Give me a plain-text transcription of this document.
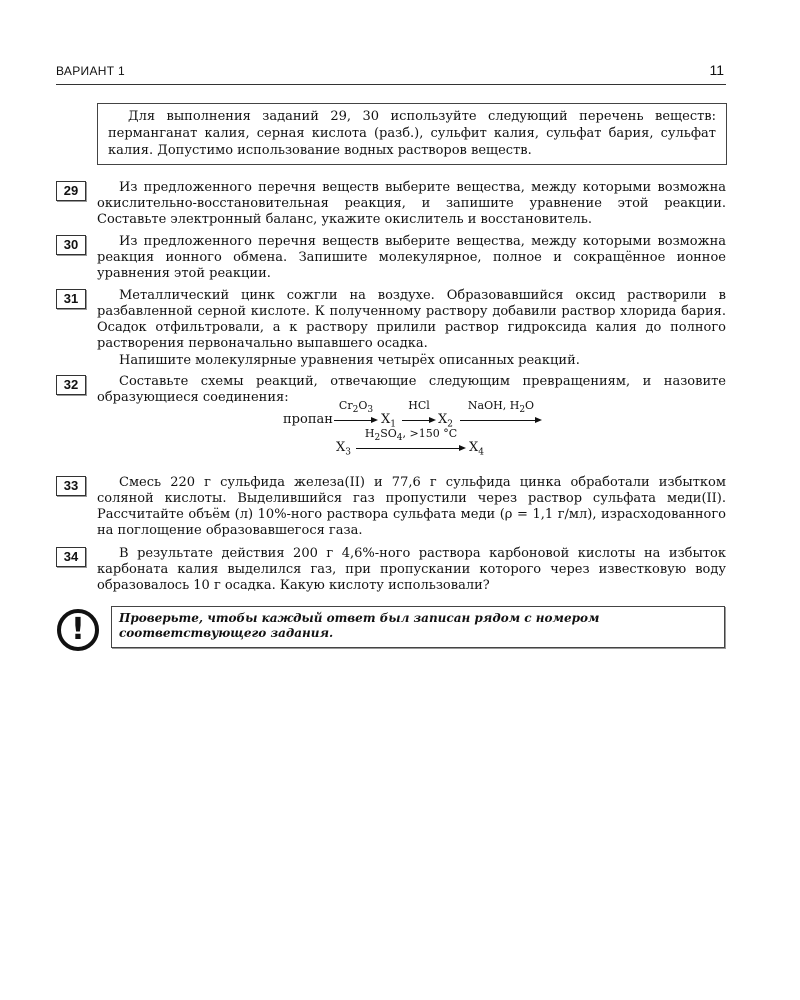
ВАРИАНТ 1	11

Для выполнения заданий 29, 30 используйте следующий перечень веществ: перманганат калия, серная кислота (разб.), сульфит калия, сульфат бария, сульфат калия. Допустимо использование водных растворов веществ.

29	Из предложенного перечня веществ выберите вещества, между которыми возможна окислительно-восстановительная реакция, и запишите уравнение этой реакции. Составьте электронный баланс, укажите окислитель и восстановитель.

30	Из предложенного перечня веществ выберите вещества, между которыми возможна реакция ионного обмена. Запишите молекулярное, полное и сокращённое ионное уравнения этой реакции.

31	Металлический цинк сожгли на воздухе. Образовавшийся оксид растворили в разбавленной серной кислоте. К полученному раствору добавили раствор хлорида бария. Осадок отфильтровали, а к раствору прилили раствор гидроксида калия до полного растворения первоначально выпавшего осадка.

Напишите молекулярные уравнения четырёх описанных реакций.

32	Составьте схемы реакций, отвечающие следующим превращениям, и назовите образующиеся соединения:

пропан
$Cr_2O_3$
$X_1$
HCl
$X_2$
NaOH, $H_2O$
$X_3$
$H_2SO_4$, >150 °C
$X_4$
33	Смесь 220 г сульфида железа(II) и 77,6 г сульфида цинка обработали избытком соляной кислоты. Выделившийся газ пропустили через раствор сульфата меди(II). Рассчитайте объём (л) 10%-ного раствора сульфата меди (ρ = 1,1 г/мл), израсходованного на поглощение образовавшегося газа.

34	В результате действия 200 г 4,6%-ного раствора карбоновой кислоты на избыток карбоната калия выделился газ, при пропускании которого через известковую воду образовалось 10 г осадка. Какую кислоту использовали?

!	Проверьте, чтобы каждый ответ был записан рядом с номером соответствующего задания.
